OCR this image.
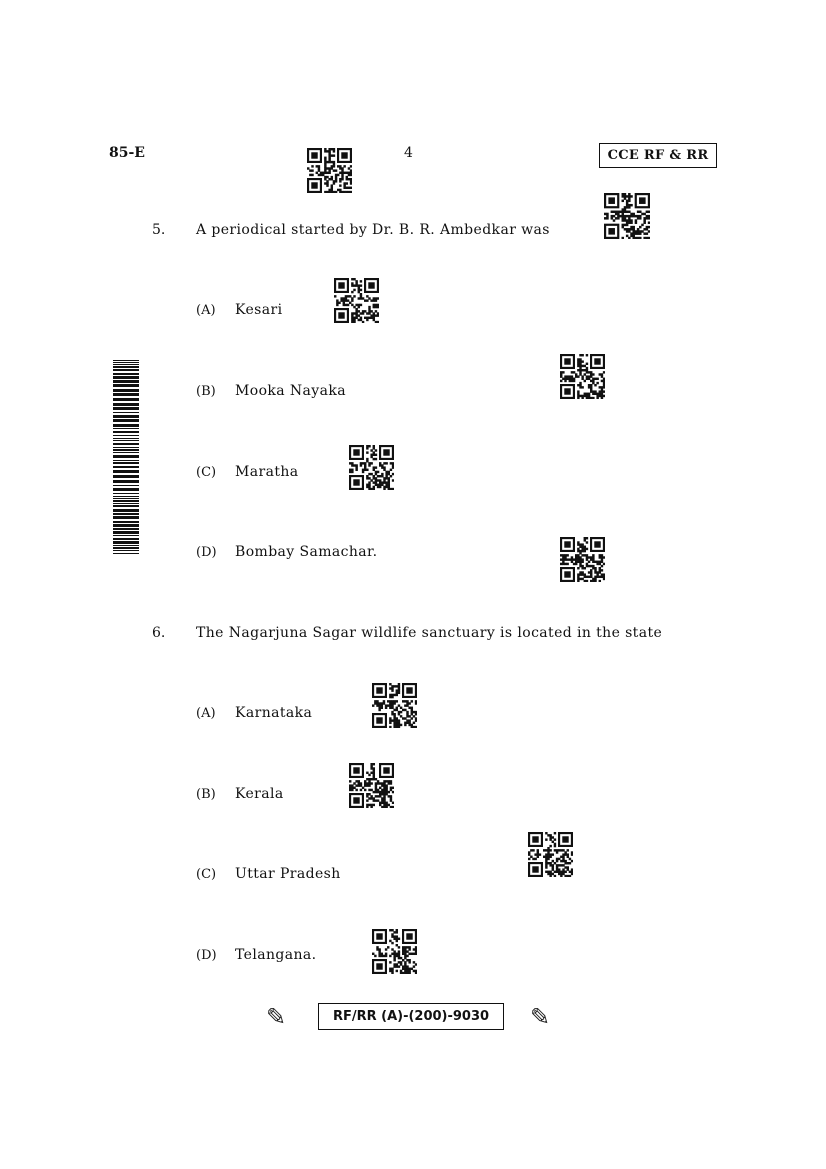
85-E	4	CCE RF & RR
5. A periodical started by Dr. B. R. Ambedkar was
(A) Kesari
(B) Mooka Nayaka
(C) Maratha
(D) Bombay Samachar.
6. The Nagarjuna Sagar wildlife sanctuary is located in the state
(A) Karnataka
(B) Kerala
(C) Uttar Pradesh
(D) Telangana.
✎	RF/RR (A)-(200)-9030	✎
